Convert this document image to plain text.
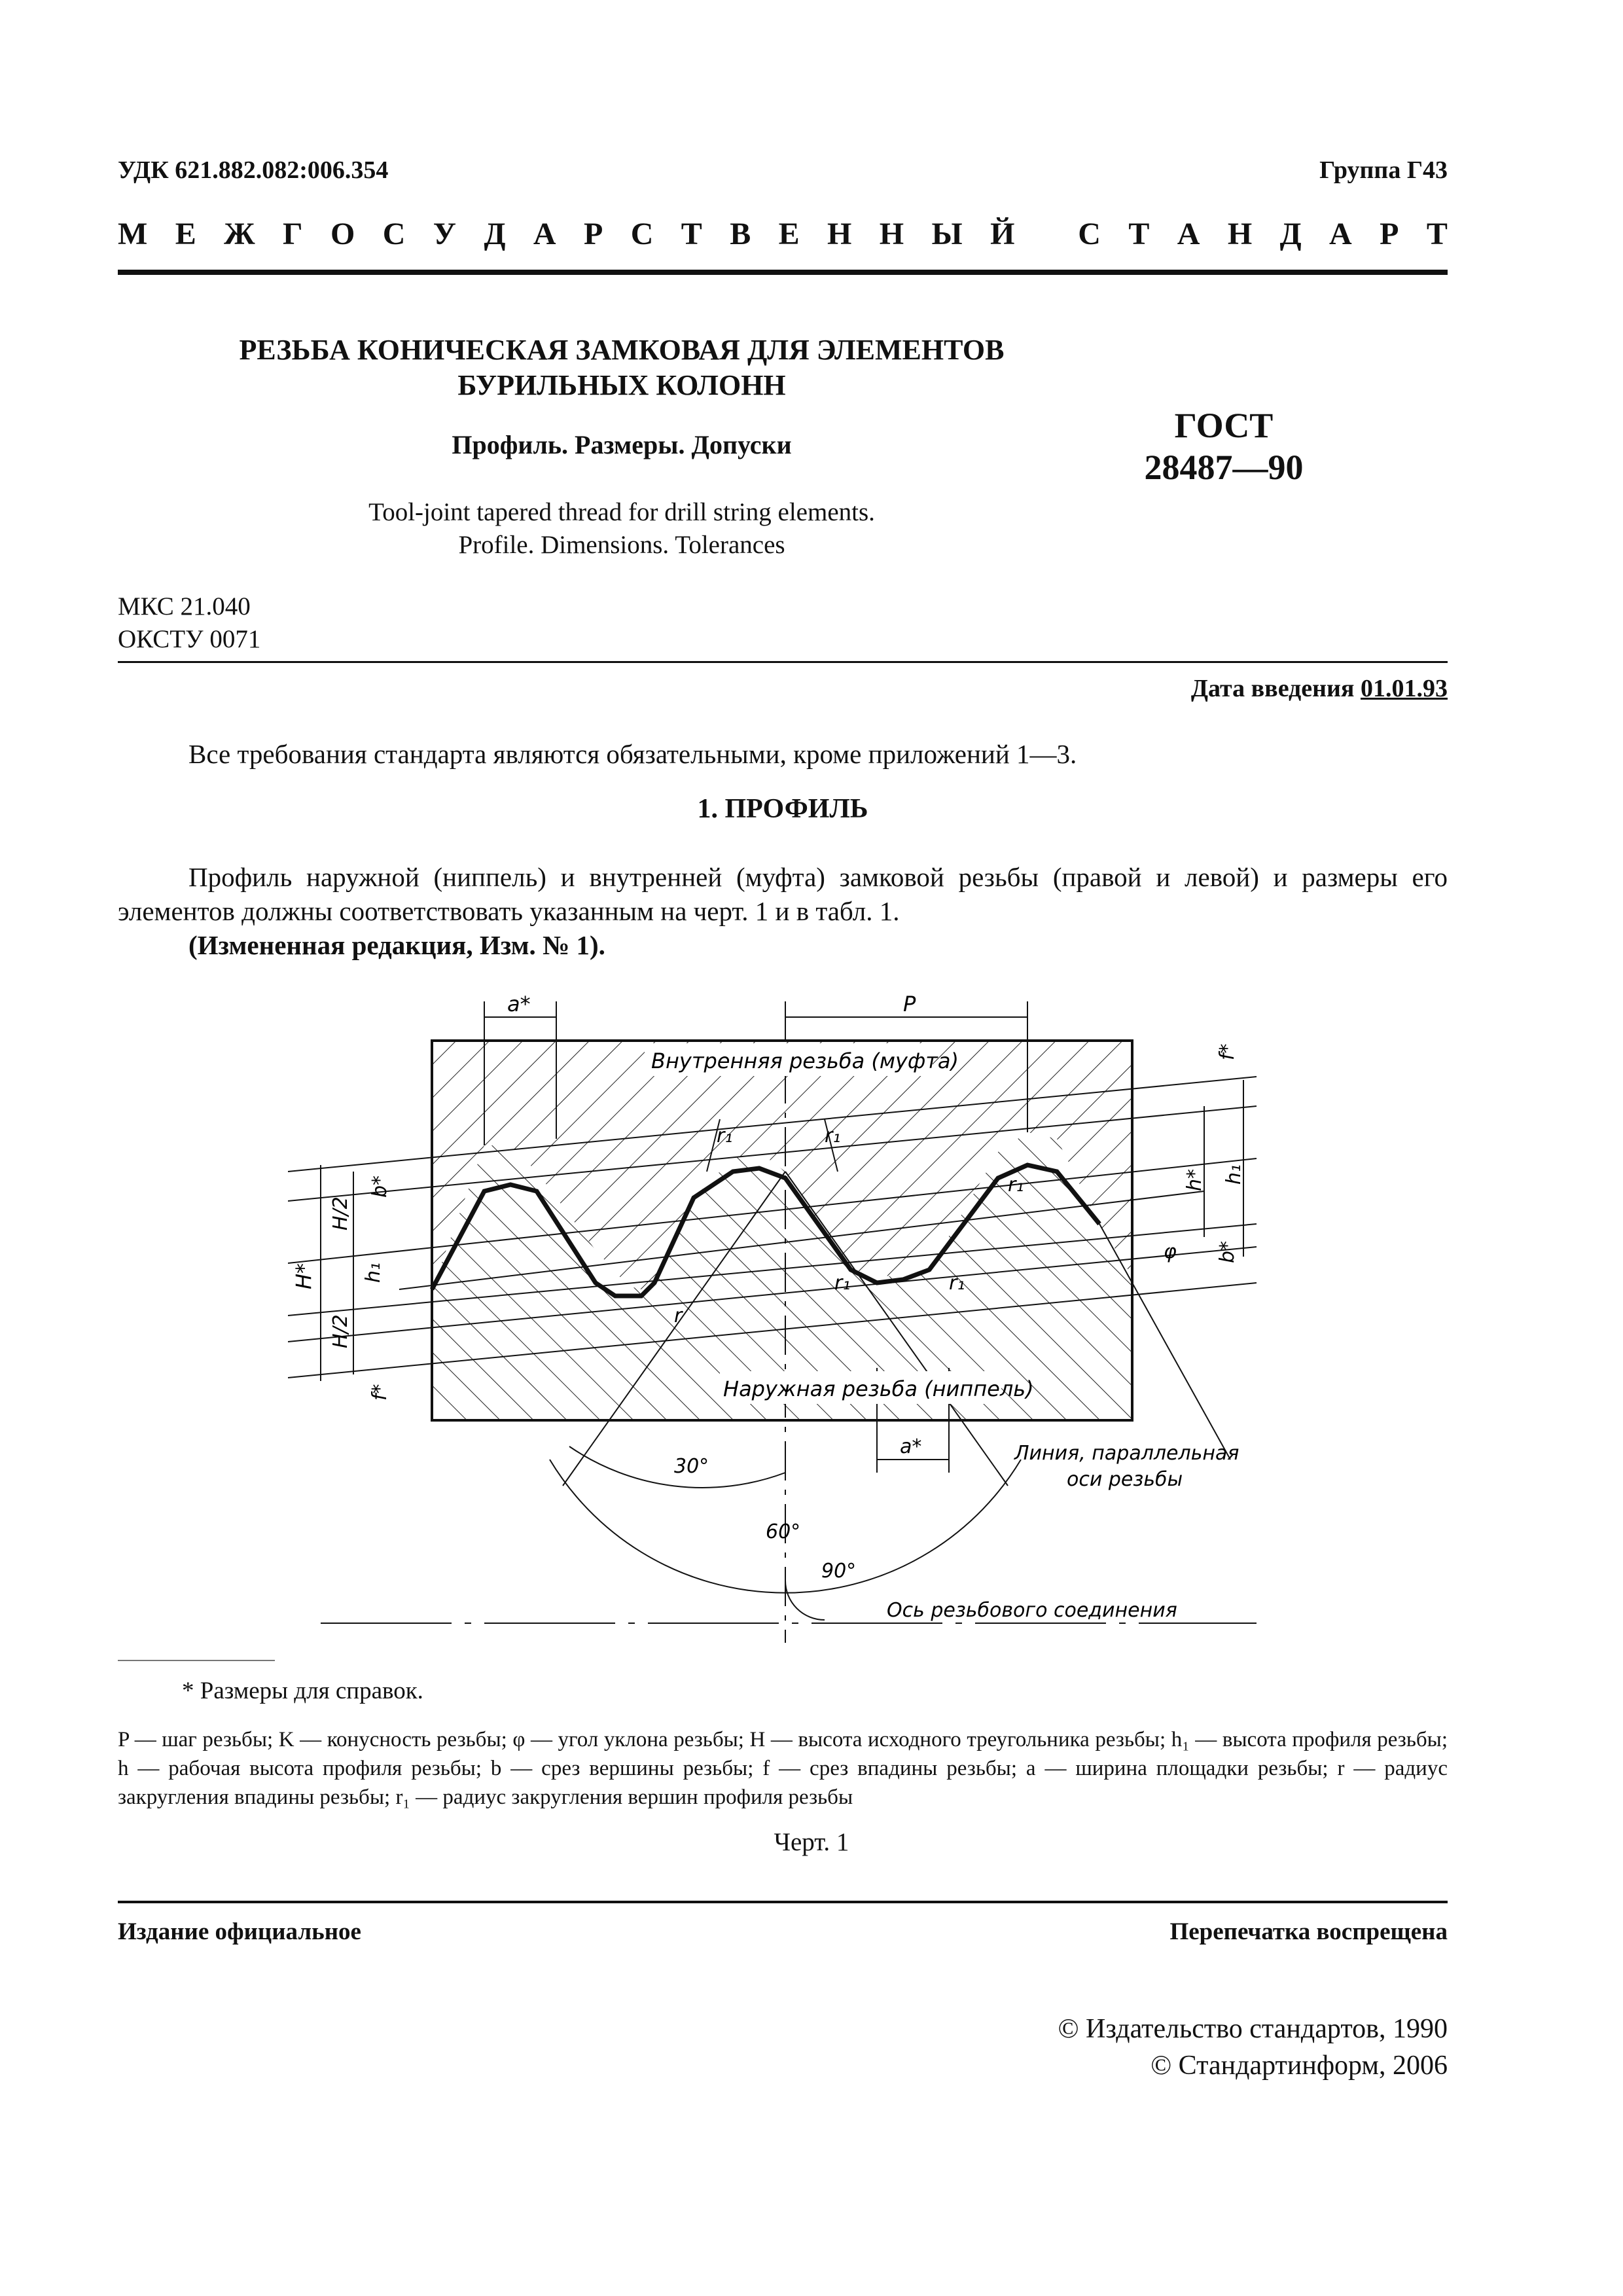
УДК 621.882.082:006.354	Группа Г43
М Е Ж Г О С У Д А Р С Т В Е Н Н Ы Й
С Т А Н Д А Р Т
РЕЗЬБА КОНИЧЕСКАЯ ЗАМКОВАЯ ДЛЯ ЭЛЕМЕНТОВ
БУРИЛЬНЫХ КОЛОНН
Профиль. Размеры. Допуски	ГОСТ
28487—90
Tool-joint tapered thread for drill string elements.
Profile. Dimensions. Tolerances
МКС 21.040
ОКСТУ 0071
Дата введения 01.01.93
Все требования стандарта являются обязательными, кроме приложений 1—3.
1. ПРОФИЛЬ
Профиль наружной (ниппель) и внутренней (муфта) замковой резьбы (правой и левой) и размеры его элементов должны соответствовать указанным на черт. 1 и в табл. 1.
(Измененная редакция, Изм. № 1).
a*	P
f*
Внутренняя резьба (муфта)
r₁	r₁
r₁
r₁	r₁
r
b*
H/2
H/2
H* h₁
f*
h* h₁
b*
φ
Наружная резьба (ниппель)
a*	Линия, параллельная
оси резьбы
30°
60°
90°
Ось резьбового соединения
* Размеры для справок.
P — шаг резьбы; K — конусность резьбы; φ — угол уклона резьбы; H — высота исходного треугольника резьбы; h₁ — высота профиля резьбы; h — рабочая высота профиля резьбы; b — срез вершины резьбы; f — срез впадины резьбы; a — ширина площадки резьбы; r — радиус закругления впадины резьбы; r₁ — радиус закругления вершин профиля резьбы
Черт. 1
Издание официальное	Перепечатка воспрещена
© Издательство стандартов, 1990
© Стандартинформ, 2006
